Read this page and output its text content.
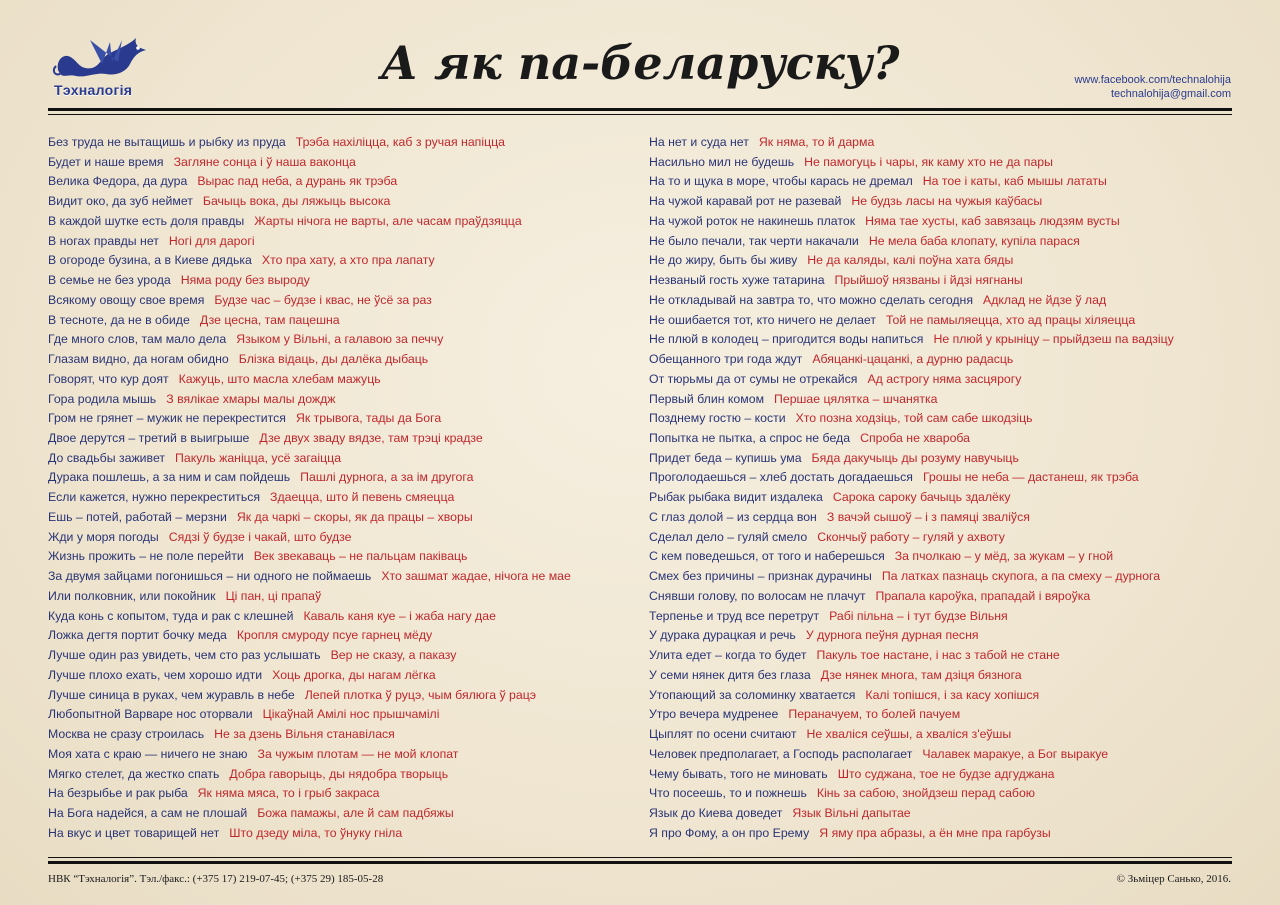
Тэхналогія	А як па-беларуску?	www.facebook.com/technalohija
technalohija@gmail.com
Без труда не вытащишь и рыбку из пруда Трэба нахіліцца, каб з ручая напіцца
Будет и наше время Загляне сонца і ў наша ваконца
Велика Федора, да дура Вырас пад неба, а дурань як трэба
Видит око, да зуб неймет Бачыць вока, ды ляжыць высока
В каждой шутке есть доля правды Жарты нічога не варты, але часам праўдзяцца
В ногах правды нет Ногі для дарогі
В огороде бузина, а в Киеве дядька Хто пра хату, а хто пра лапату
В семье не без урода Няма роду без выроду
Всякому овощу свое время Будзе час – будзе і квас, не ўсё за раз
В тесноте, да не в обиде Дзе цесна, там пацешна
Где много слов, там мало дела Языком у Вільні, а галавою за печчу
Глазам видно, да ногам обидно Блізка відаць, ды далёка дыбаць
Говорят, что кур доят Кажуць, што масла хлебам мажуць
Гора родила мышь З вялікае хмары малы дождж
Гром не грянет – мужик не перекрестится Як трывога, тады да Бога
Двое дерутся – третий в выигрыше Дзе двух зваду вядзе, там трэці крадзе
До свадьбы заживет Пакуль жаніцца, усё загаіцца
Дурака пошлешь, а за ним и сам пойдешь Пашлі дурнога, а за ім другога
Если кажется, нужно перекреститься Здаецца, што й певень смяецца
Ешь – потей, работай – мерзни Як да чаркі – скоры, як да працы – хворы
Жди у моря погоды Сядзі ў будзе і чакай, што будзе
Жизнь прожить – не поле перейти Век звекаваць – не пальцам паківаць
За двумя зайцами погонишься – ни одного не поймаешь Хто зашмат жадае, нічога не мае
Или полковник, или покойник Ці пан, ці прапаў
Куда конь с копытом, туда и рак с клешней Каваль каня куе – і жаба нагу дае
Ложка дегтя портит бочку меда Кропля смуроду псуе гарнец мёду
Лучше один раз увидеть, чем сто раз услышать Вер не сказу, а паказу
Лучше плохо ехать, чем хорошо идти Хоць дрогка, ды нагам лёгка
Лучше синица в руках, чем журавль в небе Лепей плотка ў руцэ, чым бялюга ў рацэ
Любопытной Варваре нос оторвали Цікаўнай Амілі нос прышчамілі
Москва не сразу строилась Не за дзень Вільня станавілася
Моя хата с краю — ничего не знаю За чужым плотам — не мой клопат
Мягко стелет, да жестко спать Добра гаворыць, ды нядобра творыць
На безрыбье и рак рыба Як няма мяса, то і грыб закраса
На Бога надейся, а сам не плошай Божа памажы, але й сам падбяжы
На вкус и цвет товарищей нет Што дзеду міла, то ўнуку гніла
На нет и суда нет Як няма, то й дарма
Насильно мил не будешь Не памогуць і чары, як каму хто не да пары
На то и щука в море, чтобы карась не дремал На тое і каты, каб мышы лататы
На чужой каравай рот не разевай Не будзь ласы на чужыя каўбасы
На чужой роток не накинешь платок Няма тае хусты, каб завязаць людзям вусты
Не было печали, так черти накачали Не мела баба клопату, купіла парася
Не до жиру, быть бы живу Не да каляды, калі поўна хата бяды
Незваный гость хуже татарина Прыйшоў нязваны і йдзі нягнаны
Не откладывай на завтра то, что можно сделать сегодня Адклад не йдзе ў лад
Не ошибается тот, кто ничего не делает Той не памыляецца, хто ад працы хіляецца
Не плюй в колодец – пригодится воды напиться Не плюй у крыніцу – прыйдзеш па вадзіцу
Обещанного три года ждут Абяцанкі-цацанкі, а дурню радасць
От тюрьмы да от сумы не отрекайся Ад астрогу няма засцярогу
Первый блин комом Першае цялятка – шчанятка
Позднему гостю – кости Хто позна ходзіць, той сам сабе шкодзіць
Попытка не пытка, а спрос не беда Спроба не хвароба
Придет беда – купишь ума Бяда дакучыць ды розуму навучыць
Проголодаешься – хлеб достать догадаешься Грошы не неба — дастанеш, як трэба
Рыбак рыбака видит издалека Сарока сароку бачыць здалёку
С глаз долой – из сердца вон З вачэй сышоў – і з памяці зваліўся
Сделал дело – гуляй смело Скончыў работу – гуляй у ахвоту
С кем поведешься, от того и наберешься За пчолкаю – у мёд, за жукам – у гной
Смех без причины – признак дурачины Па латках пазнаць скупога, а па смеху – дурнога
Снявши голову, по волосам не плачут Прапала кароўка, прападай і вяроўка
Терпенье и труд все перетрут Рабі пільна – і тут будзе Вільня
У дурака дурацкая и речь У дурнога пеўня дурная песня
Улита едет – когда то будет Пакуль тое настане, і нас з табой не стане
У семи нянек дитя без глаза Дзе нянек многа, там дзіця бязнога
Утопающий за соломинку хватается Калі топішся, і за касу хопішся
Утро вечера мудренее Пераначуем, то болей пачуем
Цыплят по осени считают Не хваліся сеўшы, а хваліся з'еўшы
Человек предполагает, а Господь располагает Чалавек маракуе, а Бог выракуе
Чему бывать, того не миновать Што суджана, тое не будзе адгуджана
Что посеешь, то и пожнешь Кінь за сабою, знойдзеш перад сабою
Язык до Киева доведет Язык Вільні дапытае
Я про Фому, а он про Ерему Я яму пра абразы, а ён мне пра гарбузы
НВК “Тэхналогія”. Тэл./факс.: (+375 17) 219-07-45; (+375 29) 185-05-28	© Зьміцер Санько, 2016.
